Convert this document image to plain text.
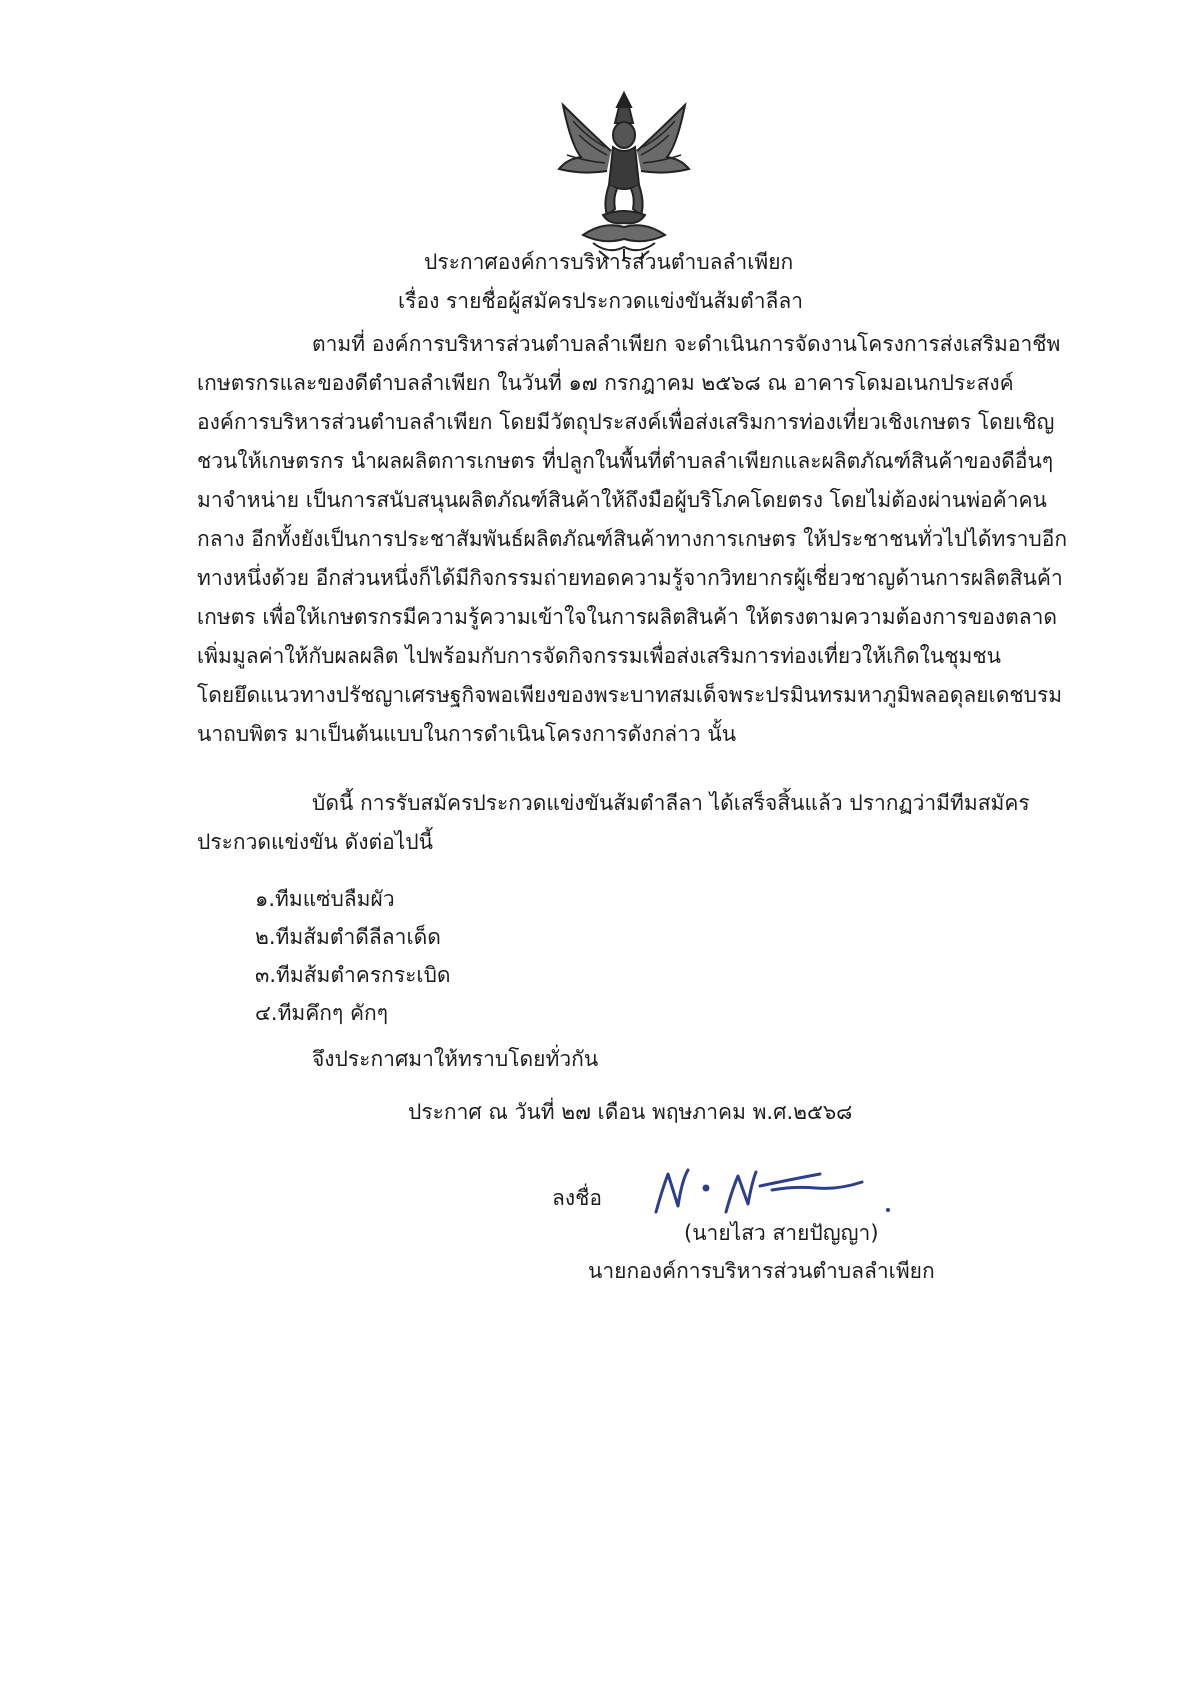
ประกาศองค์การบริหารส่วนตำบลลำเพียก
เรื่อง รายชื่อผู้สมัครประกวดแข่งขันส้มตำลีลา
ตามที่ องค์การบริหารส่วนตำบลลำเพียก จะดำเนินการจัดงานโครงการส่งเสริมอาชีพ
เกษตรกรและของดีตำบลลำเพียก ในวันที่ ๑๗ กรกฎาคม ๒๕๖๘ ณ อาคารโดมอเนกประสงค์
องค์การบริหารส่วนตำบลลำเพียก โดยมีวัตถุประสงค์เพื่อส่งเสริมการท่องเที่ยวเชิงเกษตร โดยเชิญ
ชวนให้เกษตรกร นำผลผลิตการเกษตร ที่ปลูกในพื้นที่ตำบลลำเพียกและผลิตภัณฑ์สินค้าของดีอื่นๆ
มาจำหน่าย เป็นการสนับสนุนผลิตภัณฑ์สินค้าให้ถึงมือผู้บริโภคโดยตรง โดยไม่ต้องผ่านพ่อค้าคน
กลาง อีกทั้งยังเป็นการประชาสัมพันธ์ผลิตภัณฑ์สินค้าทางการเกษตร ให้ประชาชนทั่วไปได้ทราบอีก
ทางหนึ่งด้วย อีกส่วนหนึ่งก็ได้มีกิจกรรมถ่ายทอดความรู้จากวิทยากรผู้เชี่ยวชาญด้านการผลิตสินค้า
เกษตร เพื่อให้เกษตรกรมีความรู้ความเข้าใจในการผลิตสินค้า ให้ตรงตามความต้องการของตลาด
เพิ่มมูลค่าให้กับผลผลิต ไปพร้อมกับการจัดกิจกรรมเพื่อส่งเสริมการท่องเที่ยวให้เกิดในชุมชน
โดยยึดแนวทางปรัชญาเศรษฐกิจพอเพียงของพระบาทสมเด็จพระปรมินทรมหาภูมิพลอดุลยเดชบรม
นาถบพิตร มาเป็นต้นแบบในการดำเนินโครงการดังกล่าว นั้น
บัดนี้ การรับสมัครประกวดแข่งขันส้มตำลีลา ได้เสร็จสิ้นแล้ว ปรากฏว่ามีทีมสมัคร
ประกวดแข่งขัน ดังต่อไปนี้
๑.ทีมแซ่บลืมผัว
๒.ทีมส้มตำดีลีลาเด็ด
๓.ทีมส้มตำครกระเบิด
๔.ทีมคึกๆ คักๆ
จึงประกาศมาให้ทราบโดยทั่วกัน
ประกาศ ณ วันที่ ๒๗ เดือน พฤษภาคม พ.ศ.๒๕๖๘
ลงชื่อ
(นายไสว สายปัญญา)
นายกองค์การบริหารส่วนตำบลลำเพียก
